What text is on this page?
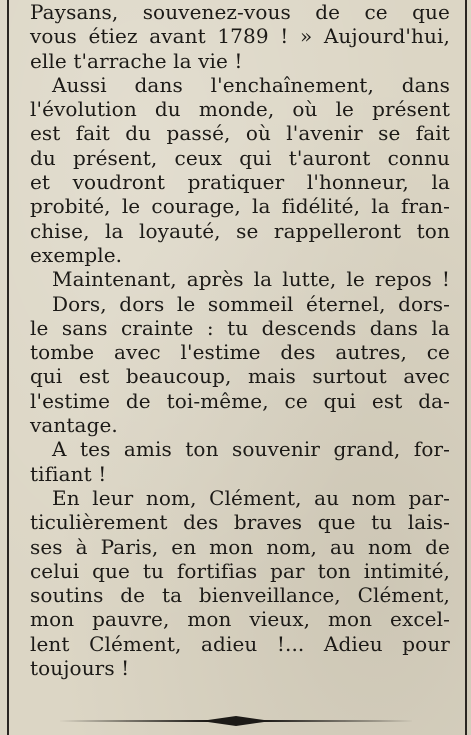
Paysans, souvenez-vous de ce que
vous étiez avant 1789 ! » Aujourd'hui,
elle t'arrache la vie !
Aussi dans l'enchaînement, dans
l'évolution du monde, où le présent
est fait du passé, où l'avenir se fait
du présent, ceux qui t'auront connu
et voudront pratiquer l'honneur, la
probité, le courage, la fidélité, la fran-
chise, la loyauté, se rappelleront ton
exemple.
Maintenant, après la lutte, le repos !
Dors, dors le sommeil éternel, dors-
le sans crainte : tu descends dans la
tombe avec l'estime des autres, ce
qui est beaucoup, mais surtout avec
l'estime de toi-même, ce qui est da-
vantage.
A tes amis ton souvenir grand, for-
tifiant !
En leur nom, Clément, au nom par-
ticulièrement des braves que tu lais-
ses à Paris, en mon nom, au nom de
celui que tu fortifias par ton intimité,
soutins de ta bienveillance, Clément,
mon pauvre, mon vieux, mon excel-
lent Clément, adieu !... Adieu pour
toujours !
